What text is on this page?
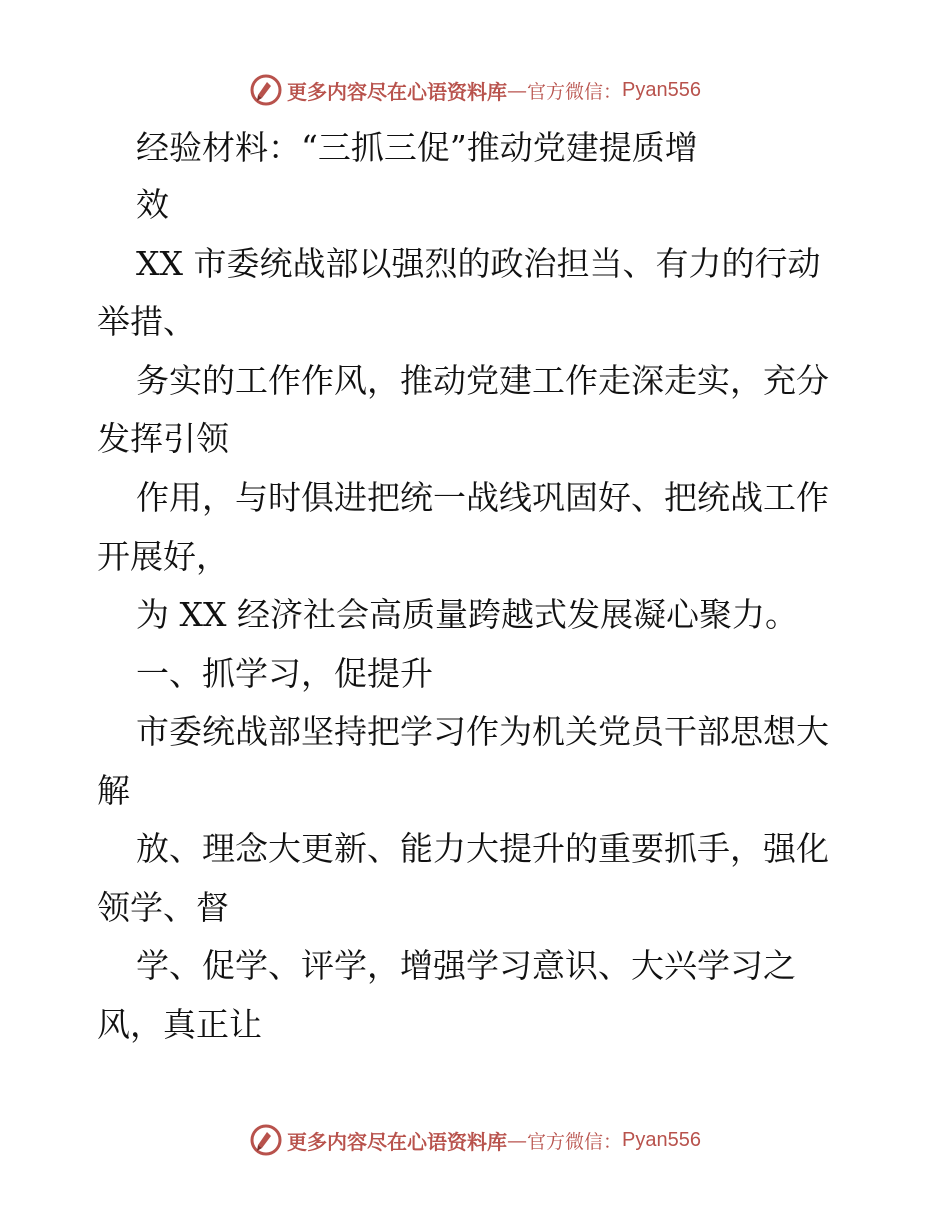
更多内容尽在心语资料库 — 官方微信： Pyan556
经验材料：“三抓三促”推动党建提质增
效
XX 市委统战部以强烈的政治担当、有力的行动
举措、
务实的工作作风，推动党建工作走深走实，充分
发挥引领
作用，与时俱进把统一战线巩固好、把统战工作
开展好，
为 XX 经济社会高质量跨越式发展凝心聚力。
一、抓学习，促提升
市委统战部坚持把学习作为机关党员干部思想大
解
放、理念大更新、能力大提升的重要抓手，强化
领学、督
学、促学、评学，增强学习意识、大兴学习之
风，真正让
更多内容尽在心语资料库 — 官方微信： Pyan556
